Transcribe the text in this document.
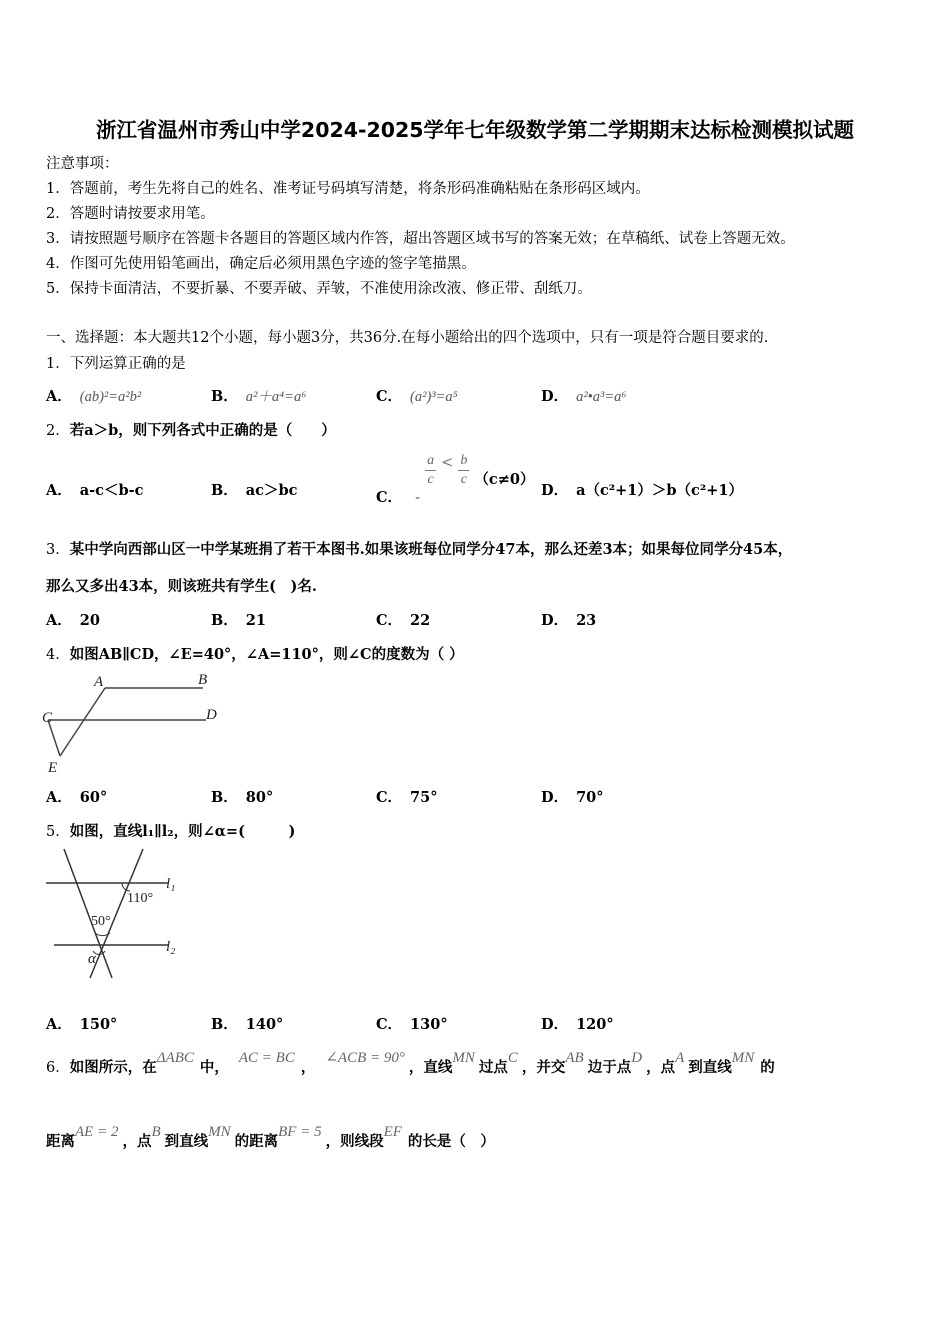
浙江省温州市秀山中学2024-2025学年七年级数学第二学期期末达标检测模拟试题
注意事项：
1．答题前，考生先将自己的姓名、准考证号码填写清楚，将条形码准确粘贴在条形码区域内。
2．答题时请按要求用笔。
3．请按照题号顺序在答题卡各题目的答题区域内作答，超出答题区域书写的答案无效；在草稿纸、试卷上答题无效。
4．作图可先使用铅笔画出，确定后必须用黑色字迹的签字笔描黑。
5．保持卡面清洁，不要折暴、不要弄破、弄皱，不准使用涂改液、修正带、刮纸刀。
一、选择题：本大题共12个小题，每小题3分，共36分.在每小题给出的四个选项中，只有一项是符合题目要求的.
1．下列运算正确的是
A． (ab)²=a²b²	B． a²＋a⁴=a⁶	C． (a²)³=a⁵	D． a²•a³=a⁶
2．若a＞b，则下列各式中正确的是（　　）
A． a-c＜b-c	B． ac＞bc	C． -
$\frac{a}{c} < \frac{b}{c} (c\ne 0)$
D． a（c²+1）＞b（c²+1）
3．某中学向西部山区一中学某班捐了若干本图书.如果该班每位同学分47本，那么还差3本；如果每位同学分45本，
那么又多出43本，则该班共有学生(　)名.
A． 20	B． 21	C． 22	D． 23
4．如图AB∥CD，∠E=40°，∠A=110°，则∠C的度数为（ ）
A	B
C	D
E
A． 60°	B． 80°	C． 75°	D． 70°
5．如图，直线l₁∥l₂，则∠α=(　　　)
l₁
l₂
110°
50°
α
A． 150°	B． 140°	C． 130°	D． 120°
6．如图所示，在ΔABC中，AC = BC，∠ACB = 90°，直线MN过点C，并交AB边于点D，点A到直线MN的
距离AE = 2，点B到直线MN的距离BF = 5，则线段EF的长是（　）
